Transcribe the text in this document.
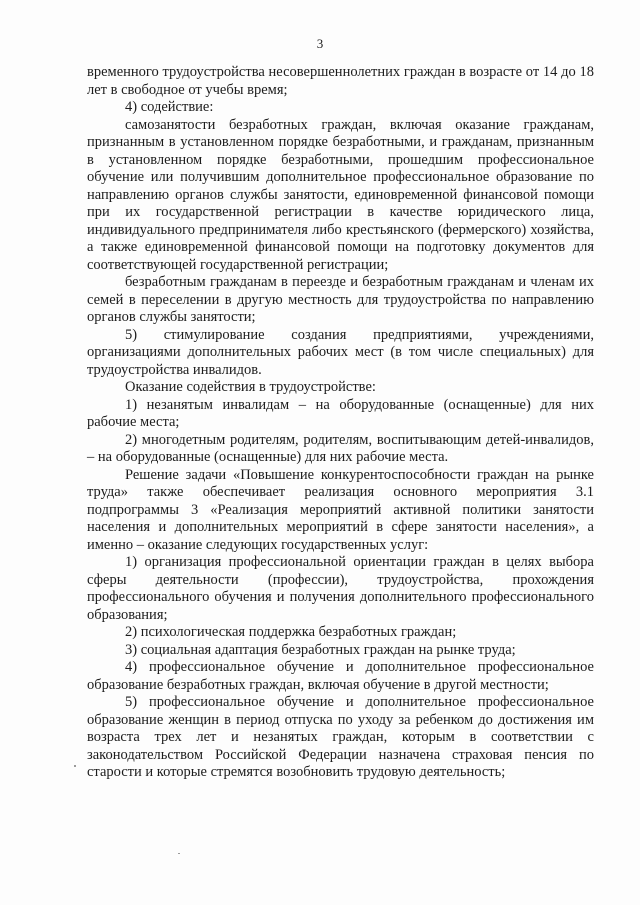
3

временного трудоустройства несовершеннолетних граждан в возрасте от 14 до 18 лет в свободное от учебы время;

4) содействие:

самозанятости безработных граждан, включая оказание гражданам, признанным в установленном порядке безработными, и гражданам, признанным в установленном порядке безработными, прошедшим профессиональное обучение или получившим дополнительное профессиональное образование по направлению органов службы занятости, единовременной финансовой помощи при их государственной регистрации в качестве юридического лица, индивидуального предпринимателя либо крестьянского (фермерского) хозяйства, а также единовременной финансовой помощи на подготовку документов для соответствующей государственной регистрации;

безработным гражданам в переезде и безработным гражданам и членам их семей в переселении в другую местность для трудоустройства по направлению органов службы занятости;

5) стимулирование создания предприятиями, учреждениями, организациями дополнительных рабочих мест (в том числе специальных) для трудоустройства инвалидов.

Оказание содействия в трудоустройстве:

1) незанятым инвалидам – на оборудованные (оснащенные) для них рабочие места;

2) многодетным родителям, родителям, воспитывающим детей-инвалидов, – на оборудованные (оснащенные) для них рабочие места.

Решение задачи «Повышение конкурентоспособности граждан на рынке труда» также обеспечивает реализация основного мероприятия 3.1 подпрограммы 3 «Реализация мероприятий активной политики занятости населения и дополнительных мероприятий в сфере занятости населения», а именно – оказание следующих государственных услуг:

1) организация профессиональной ориентации граждан в целях выбора сферы деятельности (профессии), трудоустройства, прохождения профессионального обучения и получения дополнительного профессионального образования;

2) психологическая поддержка безработных граждан;

3) социальная адаптация безработных граждан на рынке труда;

4) профессиональное обучение и дополнительное профессиональное образование безработных граждан, включая обучение в другой местности;

5) профессиональное обучение и дополнительное профессиональное образование женщин в период отпуска по уходу за ребенком до достижения им возраста трех лет и незанятых граждан, которым в соответствии с законодательством Российской Федерации назначена страховая пенсия по старости и которые стремятся возобновить трудовую деятельность;
